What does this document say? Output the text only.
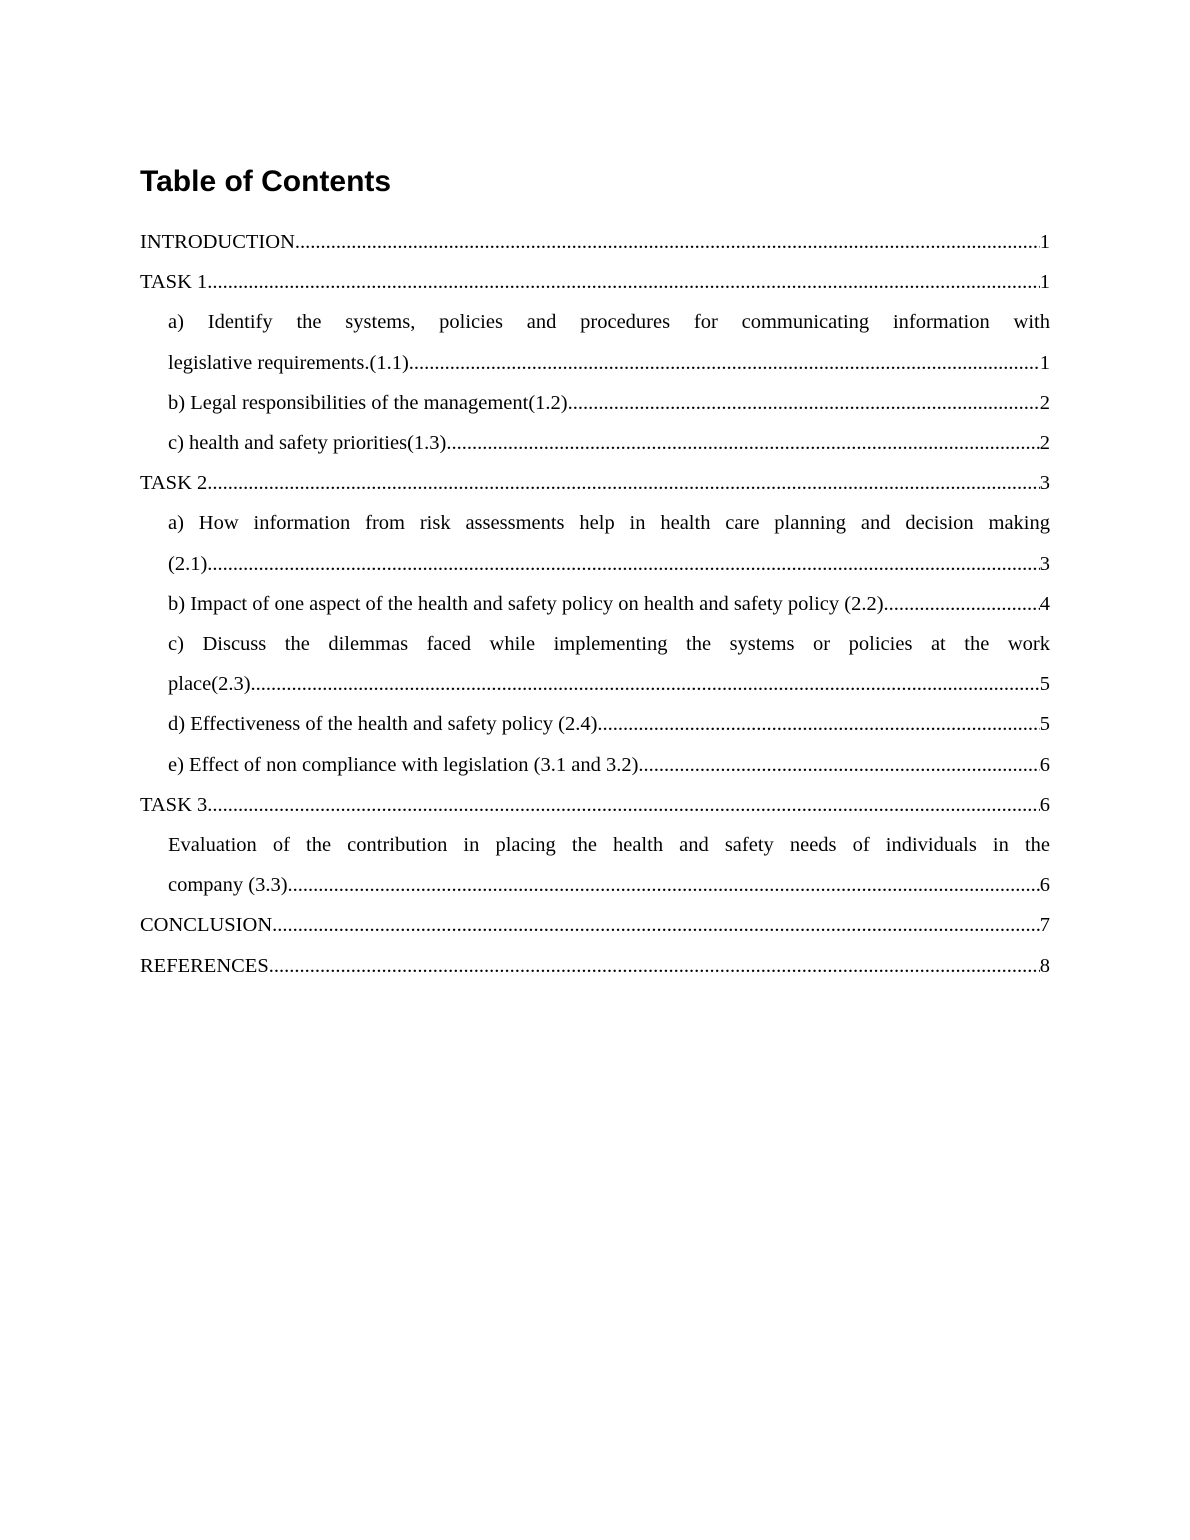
Table of Contents
INTRODUCTION .....	1
TASK 1 .....	1
a) Identify the systems, policies and procedures for communicating information with
legislative requirements.(1.1) .....	1
b) Legal responsibilities of the management(1.2) .....	2
c) health and safety priorities(1.3) .....	2
TASK 2 .....	3
a) How information from risk assessments help in health care planning and decision making
(2.1) .....	3
b) Impact of one aspect of the health and safety policy on health and safety policy (2.2) .....	4
c) Discuss the dilemmas faced while implementing the systems or policies at the work
place(2.3) .....	5
d) Effectiveness of the health and safety policy (2.4) .....	5
e) Effect of non compliance with legislation (3.1 and 3.2) .....	6
TASK 3 .....	6
Evaluation of the contribution in placing the health and safety needs of individuals in the
company (3.3) .....	6
CONCLUSION .....	7
REFERENCES .....	8
